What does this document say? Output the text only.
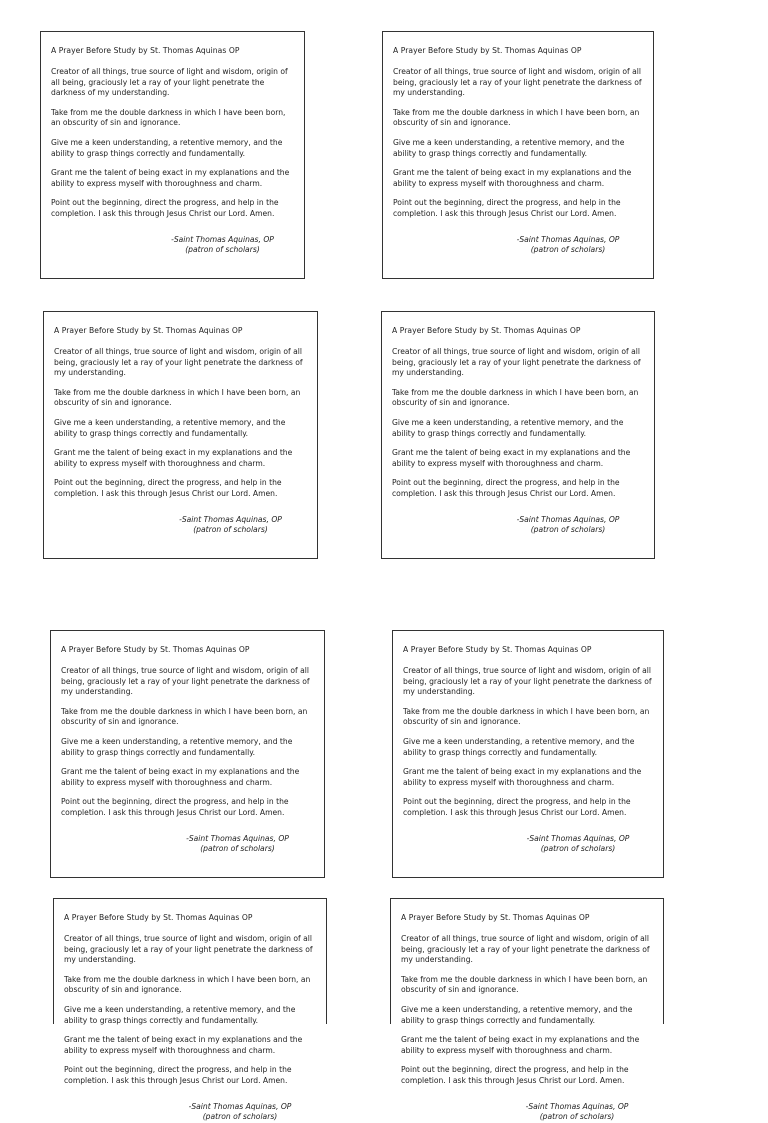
A Prayer Before Study by St. Thomas Aquinas OP
Creator of all things, true source of light and wisdom, origin of all being, graciously let a ray of your light penetrate the darkness of my understanding.
Take from me the double darkness in which I have been born, an obscurity of sin and ignorance.
Give me a keen understanding, a retentive memory, and the ability to grasp things correctly and fundamentally.
Grant me the talent of being exact in my explanations and the ability to express myself with thoroughness and charm.
Point out the beginning, direct the progress, and help in the completion. I ask this through Jesus Christ our Lord. Amen.
-Saint Thomas Aquinas, OP
(patron of scholars)
A Prayer Before Study by St. Thomas Aquinas OP
Creator of all things, true source of light and wisdom, origin of all being, graciously let a ray of your light penetrate the darkness of my understanding.
Take from me the double darkness in which I have been born, an obscurity of sin and ignorance.
Give me a keen understanding, a retentive memory, and the ability to grasp things correctly and fundamentally.
Grant me the talent of being exact in my explanations and the ability to express myself with thoroughness and charm.
Point out the beginning, direct the progress, and help in the completion. I ask this through Jesus Christ our Lord. Amen.
-Saint Thomas Aquinas, OP
(patron of scholars)
A Prayer Before Study by St. Thomas Aquinas OP
Creator of all things, true source of light and wisdom, origin of all being, graciously let a ray of your light penetrate the darkness of my understanding.
Take from me the double darkness in which I have been born, an obscurity of sin and ignorance.
Give me a keen understanding, a retentive memory, and the ability to grasp things correctly and fundamentally.
Grant me the talent of being exact in my explanations and the ability to express myself with thoroughness and charm.
Point out the beginning, direct the progress, and help in the completion. I ask this through Jesus Christ our Lord. Amen.
-Saint Thomas Aquinas, OP
(patron of scholars)
A Prayer Before Study by St. Thomas Aquinas OP
Creator of all things, true source of light and wisdom, origin of all being, graciously let a ray of your light penetrate the darkness of my understanding.
Take from me the double darkness in which I have been born, an obscurity of sin and ignorance.
Give me a keen understanding, a retentive memory, and the ability to grasp things correctly and fundamentally.
Grant me the talent of being exact in my explanations and the ability to express myself with thoroughness and charm.
Point out the beginning, direct the progress, and help in the completion. I ask this through Jesus Christ our Lord. Amen.
-Saint Thomas Aquinas, OP
(patron of scholars)
A Prayer Before Study by St. Thomas Aquinas OP
Creator of all things, true source of light and wisdom, origin of all being, graciously let a ray of your light penetrate the darkness of my understanding.
Take from me the double darkness in which I have been born, an obscurity of sin and ignorance.
Give me a keen understanding, a retentive memory, and the ability to grasp things correctly and fundamentally.
Grant me the talent of being exact in my explanations and the ability to express myself with thoroughness and charm.
Point out the beginning, direct the progress, and help in the completion. I ask this through Jesus Christ our Lord. Amen.
-Saint Thomas Aquinas, OP
(patron of scholars)
A Prayer Before Study by St. Thomas Aquinas OP
Creator of all things, true source of light and wisdom, origin of all being, graciously let a ray of your light penetrate the darkness of my understanding.
Take from me the double darkness in which I have been born, an obscurity of sin and ignorance.
Give me a keen understanding, a retentive memory, and the ability to grasp things correctly and fundamentally.
Grant me the talent of being exact in my explanations and the ability to express myself with thoroughness and charm.
Point out the beginning, direct the progress, and help in the completion. I ask this through Jesus Christ our Lord. Amen.
-Saint Thomas Aquinas, OP
(patron of scholars)
A Prayer Before Study by St. Thomas Aquinas OP
Creator of all things, true source of light and wisdom, origin of all being, graciously let a ray of your light penetrate the darkness of my understanding.
Take from me the double darkness in which I have been born, an obscurity of sin and ignorance.
Give me a keen understanding, a retentive memory, and the ability to grasp things correctly and fundamentally.
Grant me the talent of being exact in my explanations and the ability to express myself with thoroughness and charm.
Point out the beginning, direct the progress, and help in the completion. I ask this through Jesus Christ our Lord. Amen.
-Saint Thomas Aquinas, OP
(patron of scholars)
A Prayer Before Study by St. Thomas Aquinas OP
Creator of all things, true source of light and wisdom, origin of all being, graciously let a ray of your light penetrate the darkness of my understanding.
Take from me the double darkness in which I have been born, an obscurity of sin and ignorance.
Give me a keen understanding, a retentive memory, and the ability to grasp things correctly and fundamentally.
Grant me the talent of being exact in my explanations and the ability to express myself with thoroughness and charm.
Point out the beginning, direct the progress, and help in the completion. I ask this through Jesus Christ our Lord. Amen.
-Saint Thomas Aquinas, OP
(patron of scholars)
